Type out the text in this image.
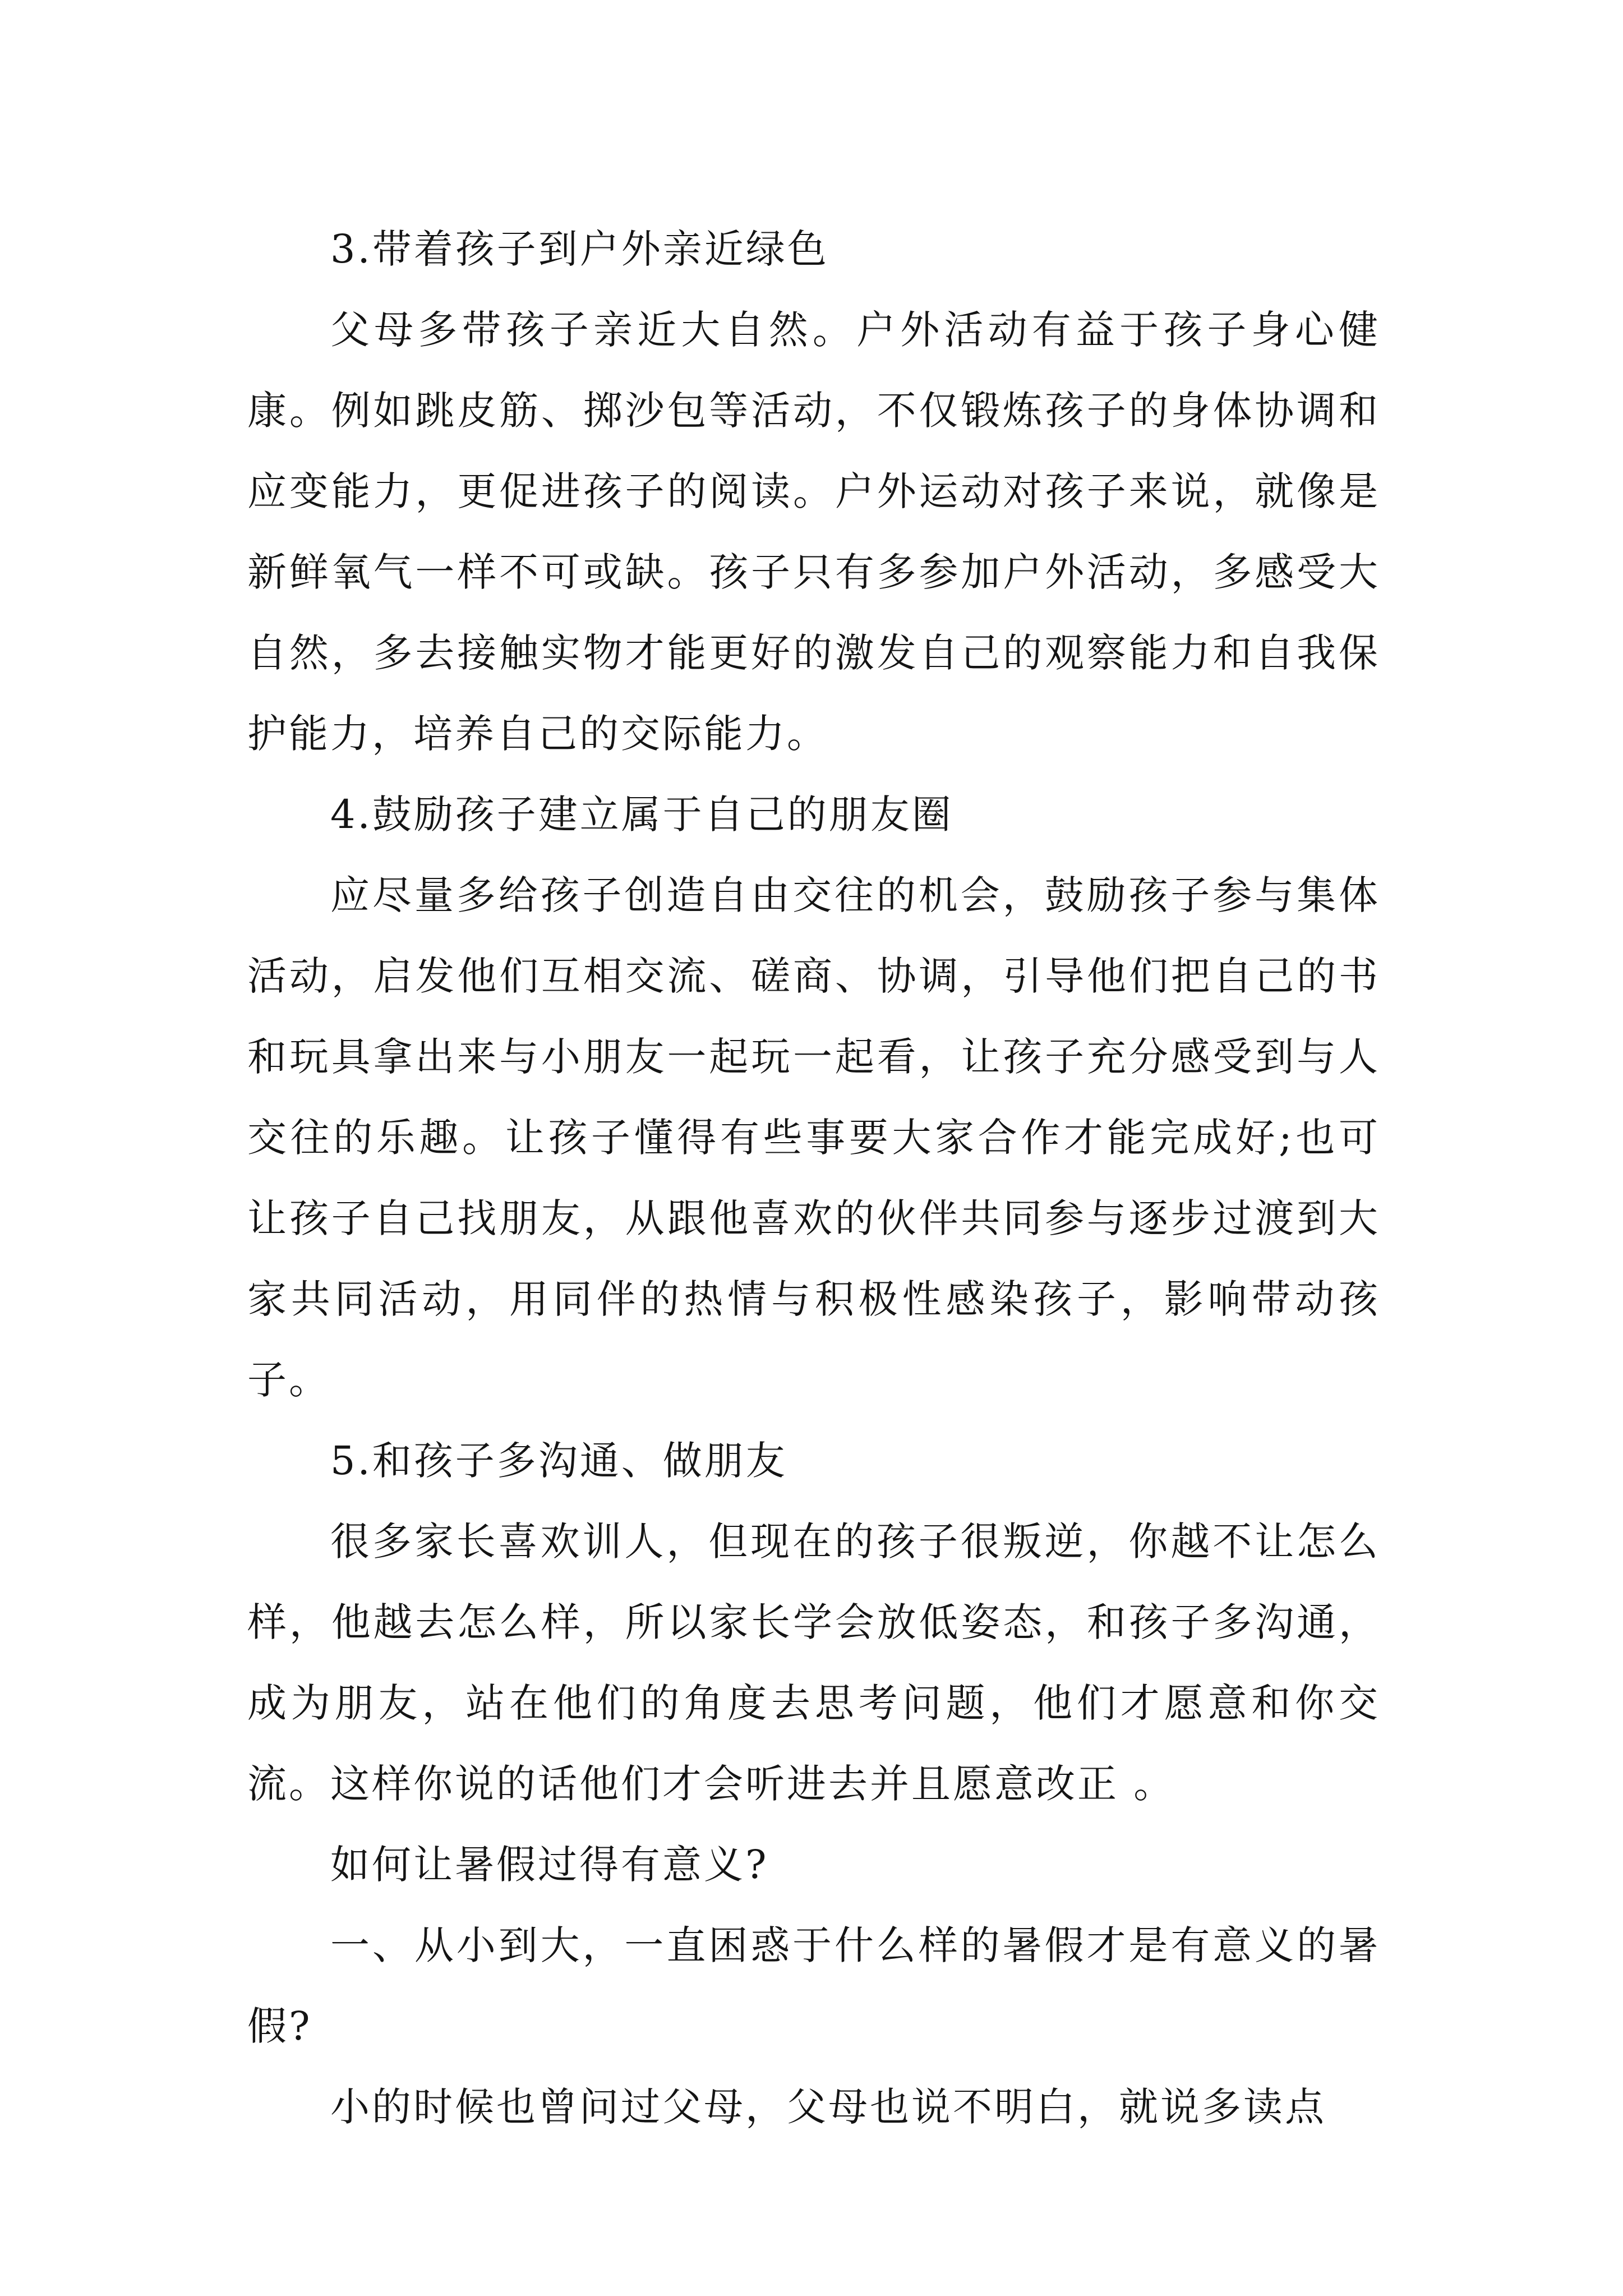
3.带着孩子到户外亲近绿色

父母多带孩子亲近大自然。户外活动有益于孩子身心健康。例如跳皮筋、掷沙包等活动，不仅锻炼孩子的身体协调和应变能力，更促进孩子的阅读。户外运动对孩子来说，就像是新鲜氧气一样不可或缺。孩子只有多参加户外活动，多感受大自然，多去接触实物才能更好的激发自己的观察能力和自我保护能力，培养自己的交际能力。

4.鼓励孩子建立属于自己的朋友圈

应尽量多给孩子创造自由交往的机会，鼓励孩子参与集体活动，启发他们互相交流、磋商、协调，引导他们把自己的书和玩具拿出来与小朋友一起玩一起看，让孩子充分感受到与人交往的乐趣。让孩子懂得有些事要大家合作才能完成好;也可让孩子自己找朋友，从跟他喜欢的伙伴共同参与逐步过渡到大家共同活动，用同伴的热情与积极性感染孩子，影响带动孩子。

5.和孩子多沟通、做朋友

很多家长喜欢训人，但现在的孩子很叛逆，你越不让怎么样，他越去怎么样，所以家长学会放低姿态，和孩子多沟通，成为朋友，站在他们的角度去思考问题，他们才愿意和你交流。这样你说的话他们才会听进去并且愿意改正 。

如何让暑假过得有意义?

一、从小到大，一直困惑于什么样的暑假才是有意义的暑假?

小的时候也曾问过父母，父母也说不明白，就说多读点
